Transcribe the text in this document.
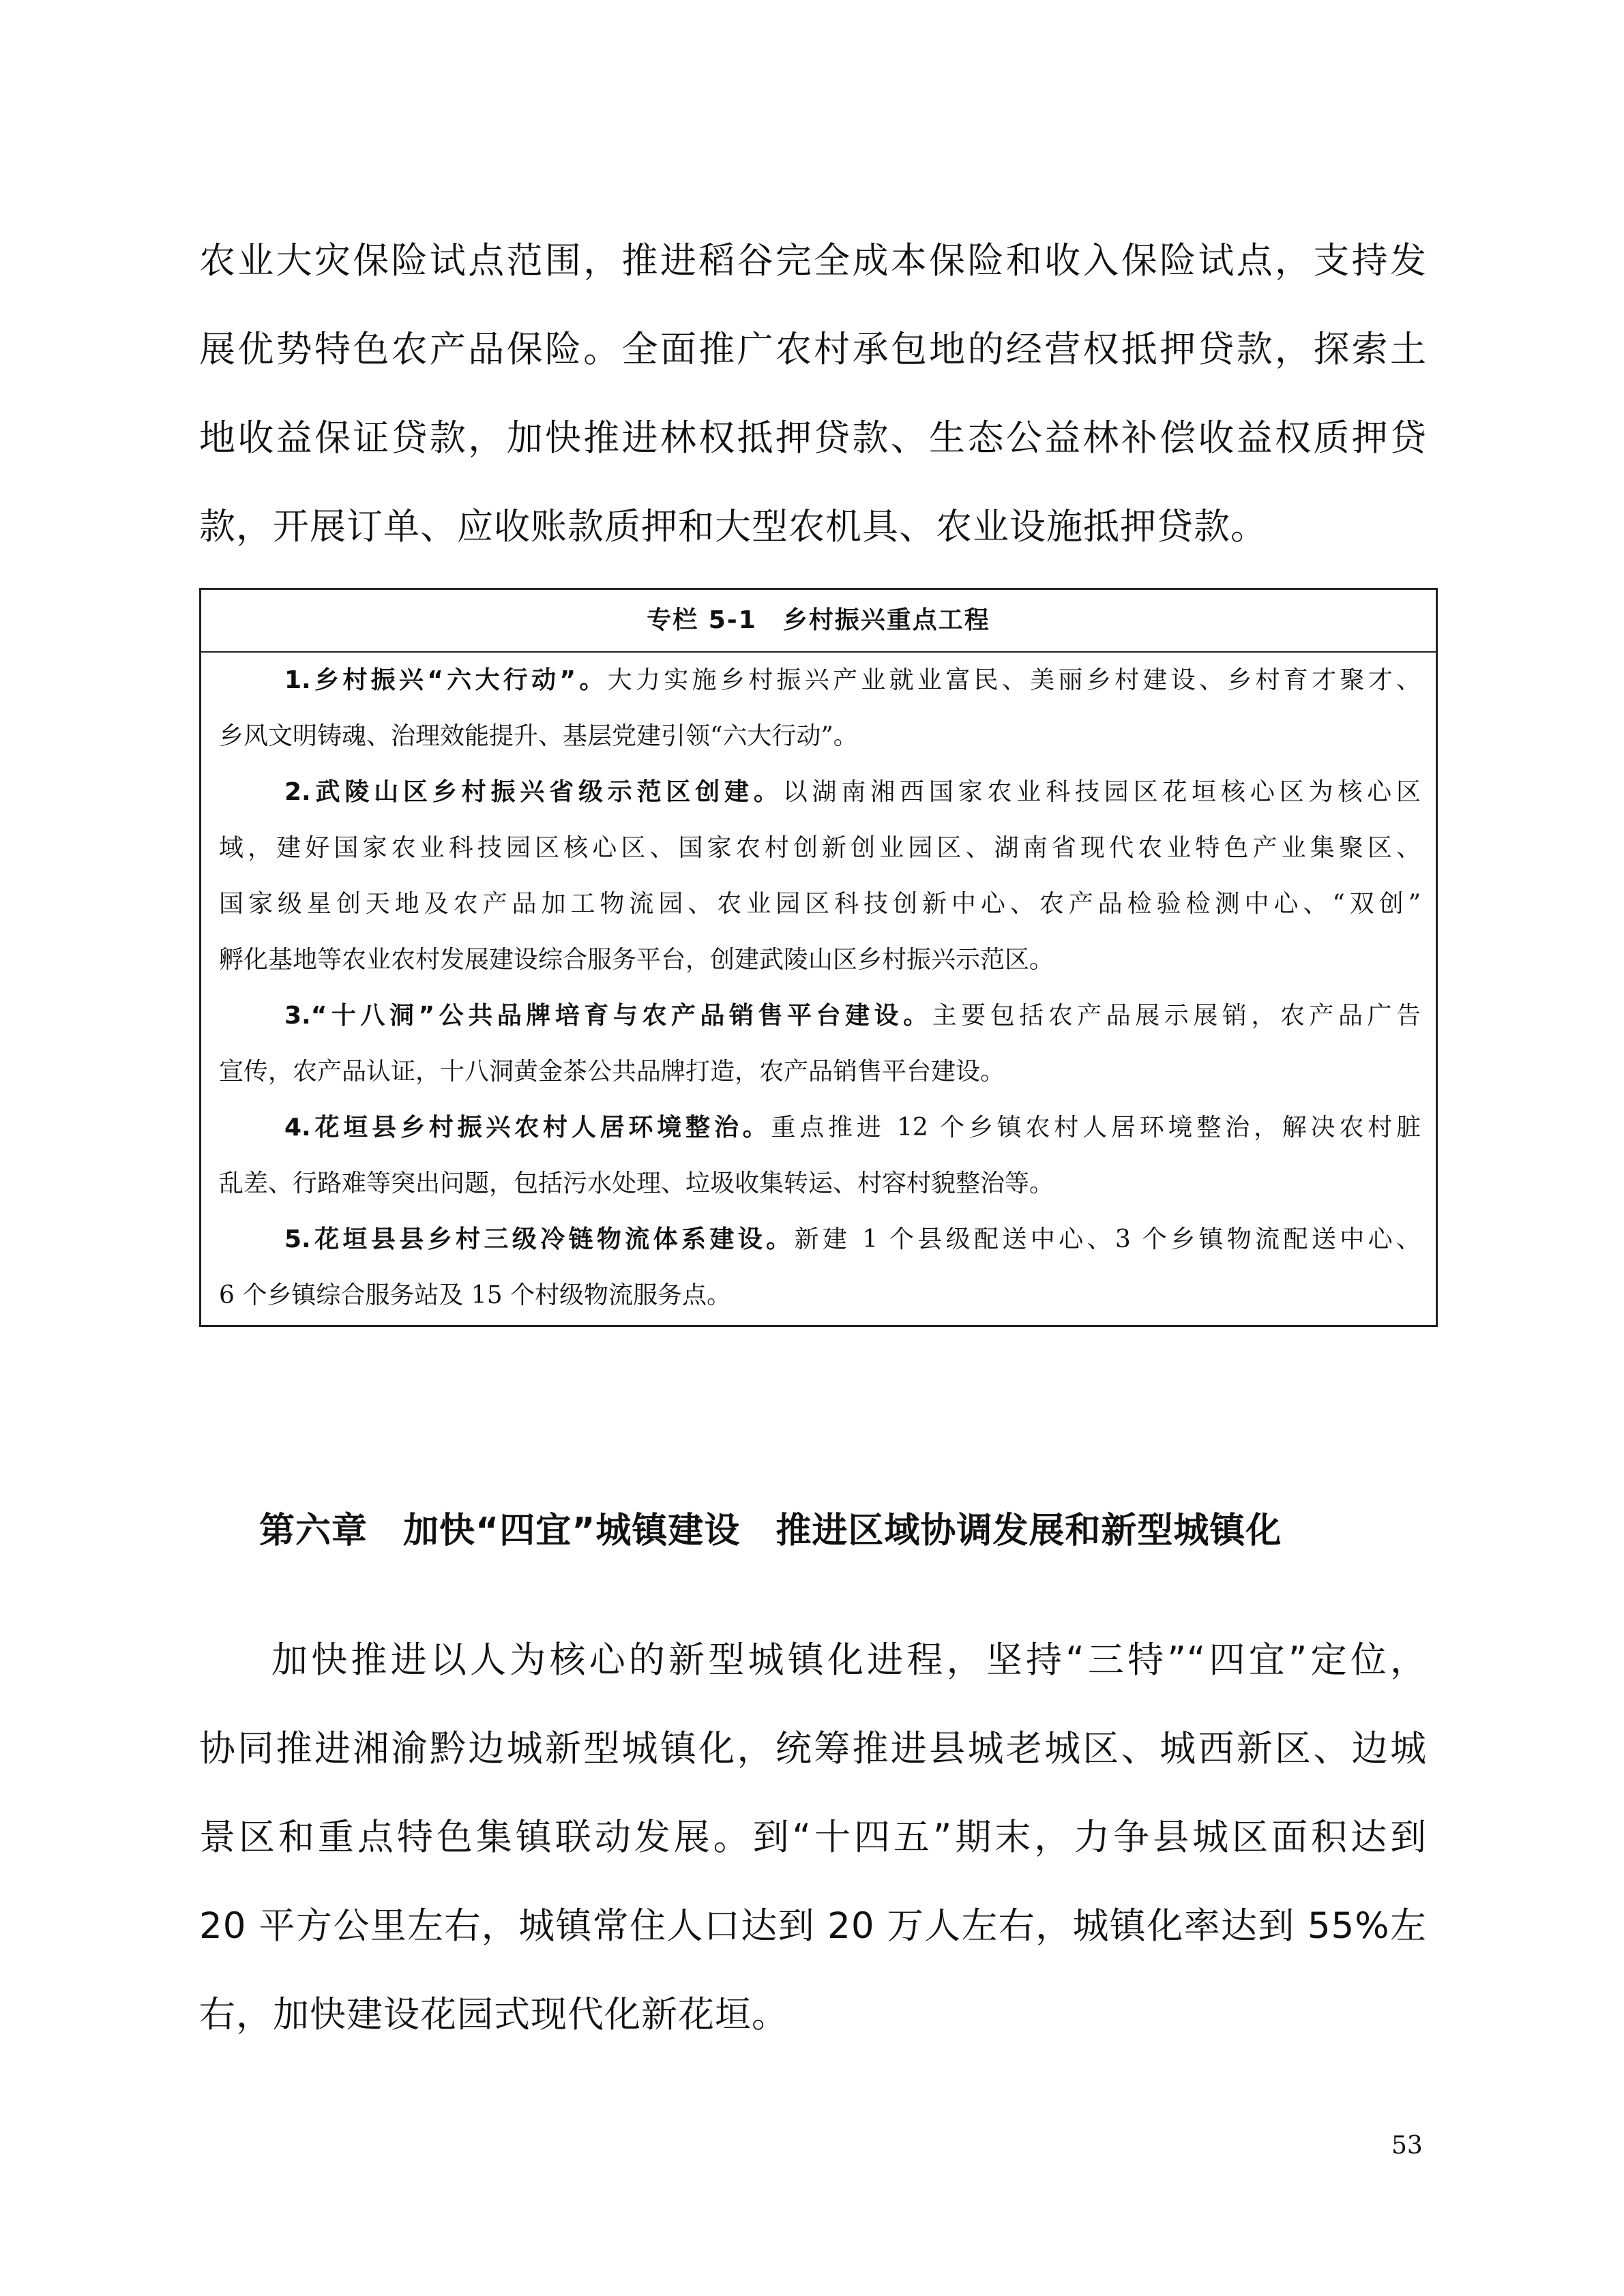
农业大灾保险试点范围，推进稻谷完全成本保险和收入保险试点，支持发
展优势特色农产品保险。全面推广农村承包地的经营权抵押贷款，探索土
地收益保证贷款，加快推进林权抵押贷款、生态公益林补偿收益权质押贷
款，开展订单、应收账款质押和大型农机具、农业设施抵押贷款。
专栏 5-1　乡村振兴重点工程
1.乡村振兴“六大行动”。大力实施乡村振兴产业就业富民、美丽乡村建设、乡村育才聚才、
乡风文明铸魂、治理效能提升、基层党建引领“六大行动”。
2.武陵山区乡村振兴省级示范区创建。以湖南湘西国家农业科技园区花垣核心区为核心区
域，建好国家农业科技园区核心区、国家农村创新创业园区、湖南省现代农业特色产业集聚区、
国家级星创天地及农产品加工物流园、农业园区科技创新中心、农产品检验检测中心、“双创”
孵化基地等农业农村发展建设综合服务平台，创建武陵山区乡村振兴示范区。
3.“十八洞”公共品牌培育与农产品销售平台建设。主要包括农产品展示展销，农产品广告
宣传，农产品认证，十八洞黄金茶公共品牌打造，农产品销售平台建设。
4.花垣县乡村振兴农村人居环境整治。重点推进 12 个乡镇农村人居环境整治，解决农村脏
乱差、行路难等突出问题，包括污水处理、垃圾收集转运、村容村貌整治等。
5.花垣县县乡村三级冷链物流体系建设。新建 1 个县级配送中心、3 个乡镇物流配送中心、
6 个乡镇综合服务站及 15 个村级物流服务点。
第六章 加快“四宜”城镇建设 推进区域协调发展和新型城镇化
加快推进以人为核心的新型城镇化进程，坚持“三特”“四宜”定位，
协同推进湘渝黔边城新型城镇化，统筹推进县城老城区、城西新区、边城
景区和重点特色集镇联动发展。到“十四五”期末，力争县城区面积达到
20 平方公里左右，城镇常住人口达到 20 万人左右，城镇化率达到 55%左
右，加快建设花园式现代化新花垣。
53
